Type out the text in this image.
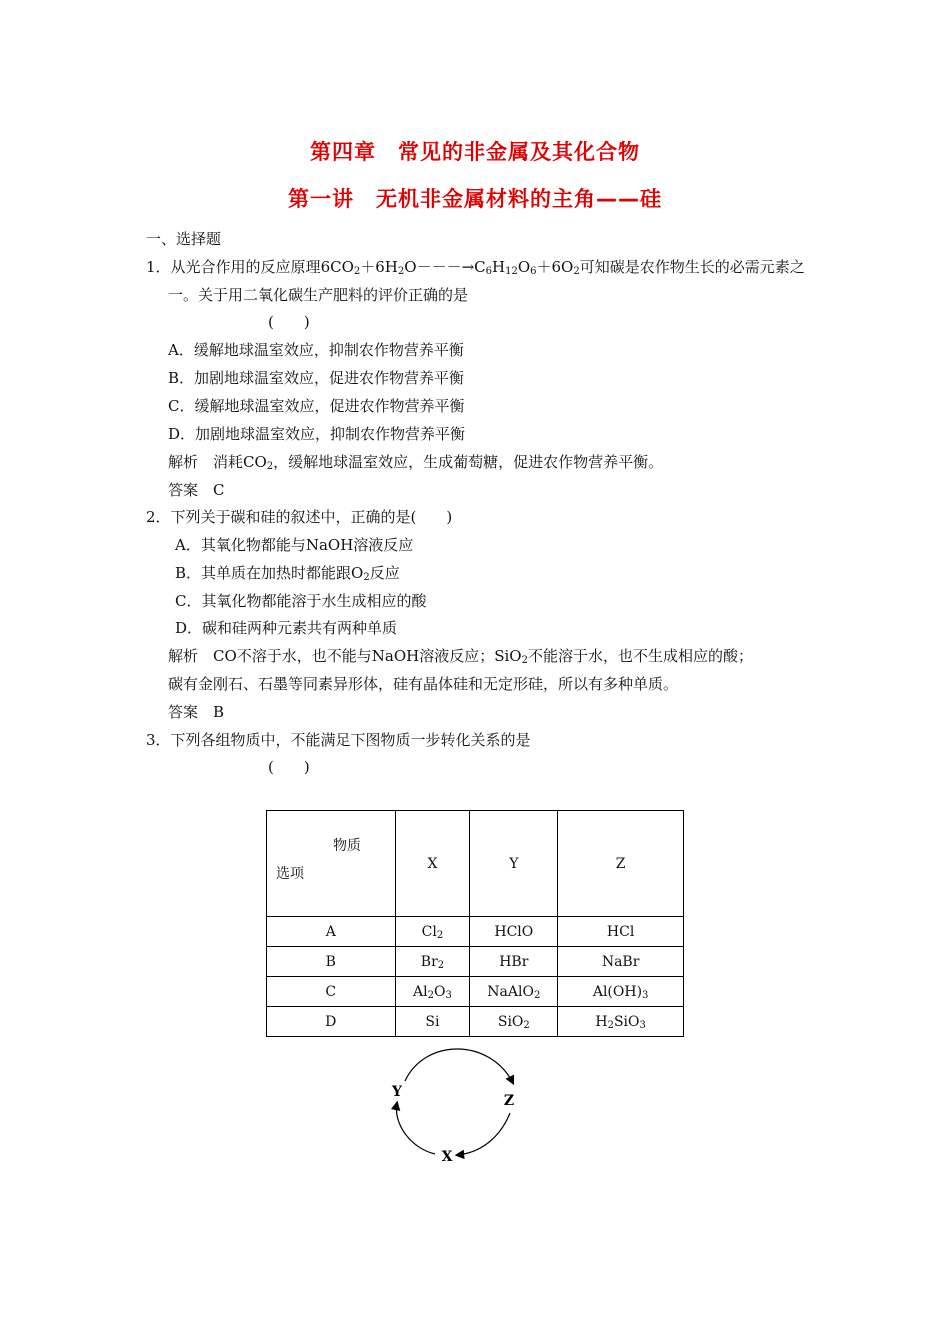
第四章　常见的非金属及其化合物
第一讲　无机非金属材料的主角——硅
一、选择题
1．从光合作用的反应原理$6CO_2+6H_2O---\to C_6H_{12}O_6+6O_2$可知碳是农作物生长的必需元素之
一。关于用二氧化碳生产肥料的评价正确的是
(　　)
A．缓解地球温室效应，抑制农作物营养平衡
B．加剧地球温室效应，促进农作物营养平衡
C．缓解地球温室效应，促进农作物营养平衡
D．加剧地球温室效应，抑制农作物营养平衡
解析　消耗$CO_2$，缓解地球温室效应，生成葡萄糖，促进农作物营养平衡。
答案　C
2．下列关于碳和硅的叙述中，正确的是(　　)
A．其氧化物都能与NaOH溶液反应
B．其单质在加热时都能跟$O_2$反应
C．其氧化物都能溶于水生成相应的酸
D．碳和硅两种元素共有两种单质
解析　CO不溶于水，也不能与NaOH溶液反应；SiO$_2$不能溶于水，也不生成相应的酸；
碳有金刚石、石墨等同素异形体，硅有晶体硅和无定形硅，所以有多种单质。
答案　B
3．下列各组物质中，不能满足下图物质一步转化关系的是
(　　)
物质
选项	X	Y	Z
A	$Cl_2$	HClO	HCl
B	$Br_2$	HBr	NaBr
C	$Al_2O_3$	NaAlO$_2$	$Al(OH)_3$
D	Si	SiO$_2$	$H_2SiO_3$
Y
Z
X
